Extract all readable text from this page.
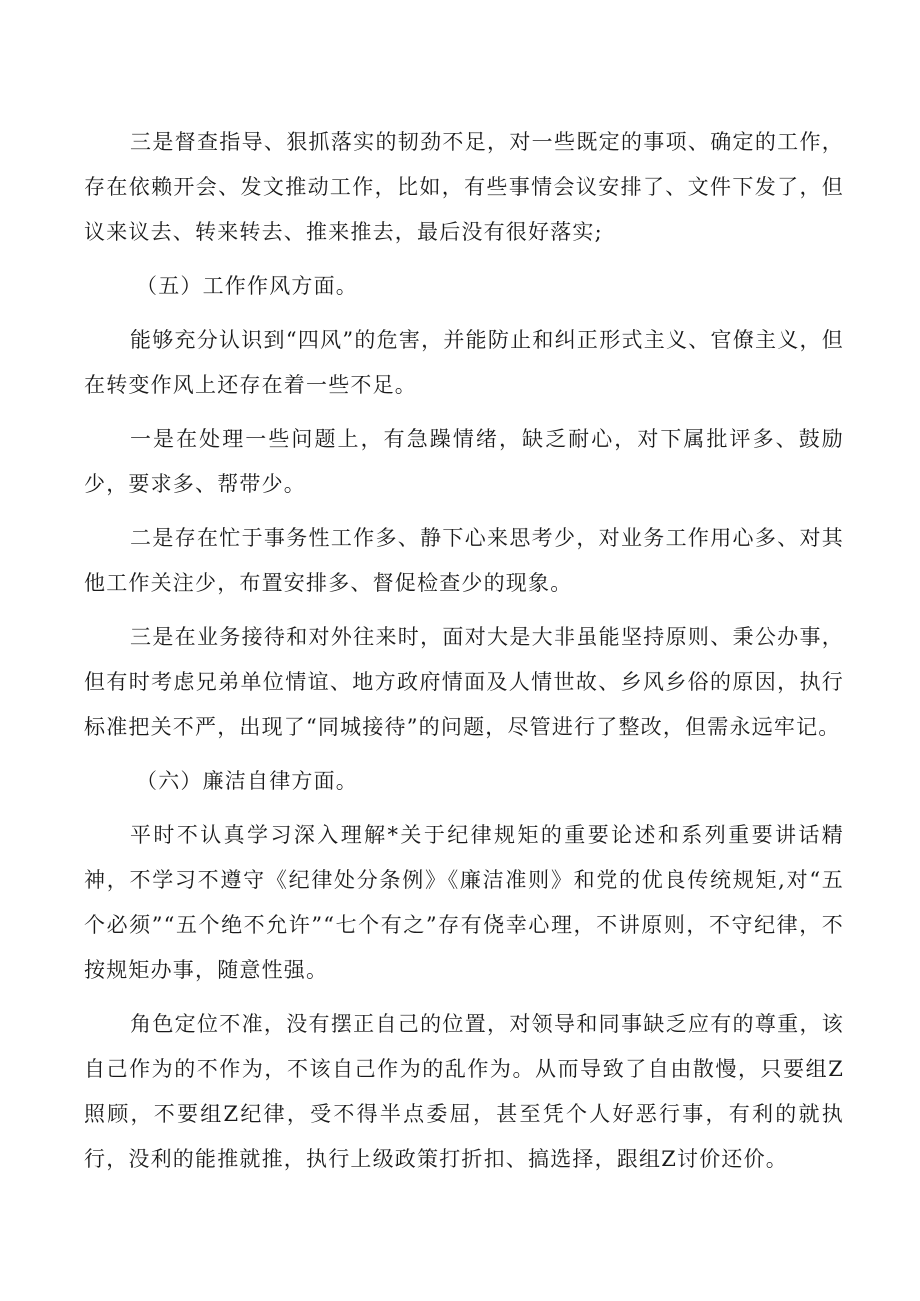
三是督查指导、狠抓落实的韧劲不足，对一些既定的事项、确定的工作，存在依赖开会、发文推动工作，比如，有些事情会议安排了、文件下发了，但议来议去、转来转去、推来推去，最后没有很好落实;

（五）工作作风方面。

能够充分认识到“四风”的危害，并能防止和纠正形式主义、官僚主义，但在转变作风上还存在着一些不足。

一是在处理一些问题上，有急躁情绪，缺乏耐心，对下属批评多、鼓励少，要求多、帮带少。

二是存在忙于事务性工作多、静下心来思考少，对业务工作用心多、对其他工作关注少，布置安排多、督促检查少的现象。

三是在业务接待和对外往来时，面对大是大非虽能坚持原则、秉公办事，但有时考虑兄弟单位情谊、地方政府情面及人情世故、乡风乡俗的原因，执行标准把关不严，出现了“同城接待”的问题，尽管进行了整改，但需永远牢记。

（六）廉洁自律方面。

平时不认真学习深入理解*关于纪律规矩的重要论述和系列重要讲话精神，不学习不遵守《纪律处分条例》《廉洁准则》和党的优良传统规矩,对“五个必须”“五个绝不允许”“七个有之”存有侥幸心理，不讲原则，不守纪律，不按规矩办事，随意性强。

角色定位不准，没有摆正自己的位置，对领导和同事缺乏应有的尊重，该自己作为的不作为，不该自己作为的乱作为。从而导致了自由散慢，只要组Z照顾，不要组Z纪律，受不得半点委屈，甚至凭个人好恶行事，有利的就执行，没利的能推就推，执行上级政策打折扣、搞选择，跟组Z讨价还价。
